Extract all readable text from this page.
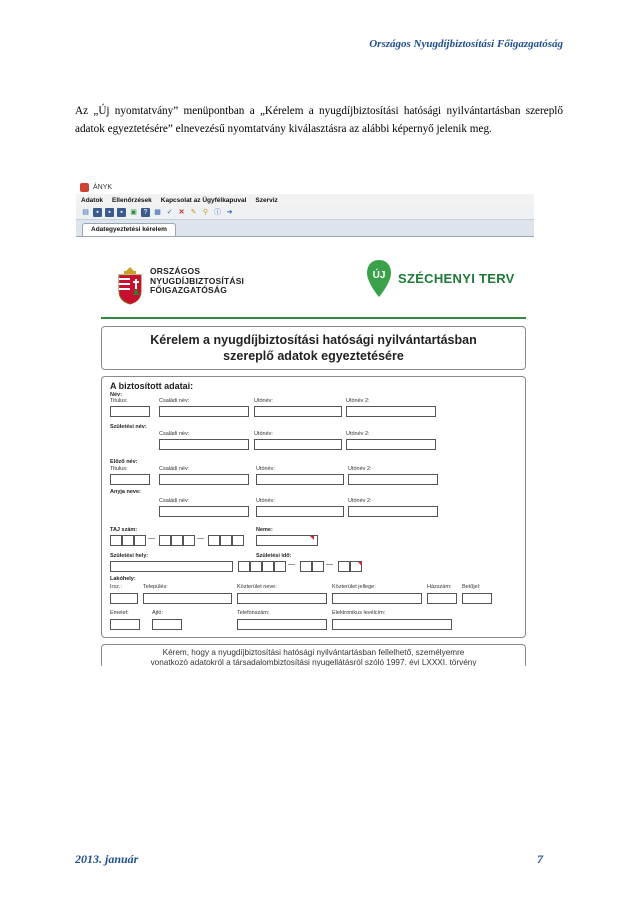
Országos Nyugdíjbiztosítási Főigazgatóság

Az „Új nyomtatvány” menüpontban a „Kérelem a nyugdíjbiztosítási hatósági nyilvántartásban szereplő adatok egyeztetésére” elnevezésű nyomtatvány kiválasztásra az alábbi képernyő jelenik meg.

ÁNYK
Adatok Ellenőrzések Kapcsolat az Ügyfélkapuval Szerviz
▤	▪	▪	▪	▣ ? ▦ ✓ ✕ ✎ ⚲ ⓘ ➜
Adategyeztetési kérelem
ORSZÁGOS
NYUGDÍJBIZTOSÍTÁSI
FŐIGAZGATÓSÁG
ÚJ SZÉCHENYI TERV
Kérelem a nyugdíjbiztosítási hatósági nyilvántartásban
szereplő adatok egyeztetésére
A biztosított adatai:
Név:
Titulus:	Családi név:	Utónév:	Utónév 2:
Születési név:
Családi név:	Utónév:	Utónév 2:
Előző név:
Titulus:	Családi név:	Utónév:	Utónév 2:
Anyja neve:
Családi név:	Utónév:	Utónév 2:
TAJ szám:
—	—
Neme:
Születési hely:	Születési idő:
—	—
Lakóhely:
Irsz.:	Település:	Közterület neve:	Közterület jellege:	Házszám: Betűjel:
Emelet:	Ajtó:	Telefonszám:	Elektronikus levélcím:
Kérem, hogy a nyugdíjbiztosítási hatósági nyilvántartásban fellelhető, személyemre
vonatkozó adatokról a társadalombiztosítási nyugellátásról szóló 1997. évi LXXXI. törvény
2013. január	7
